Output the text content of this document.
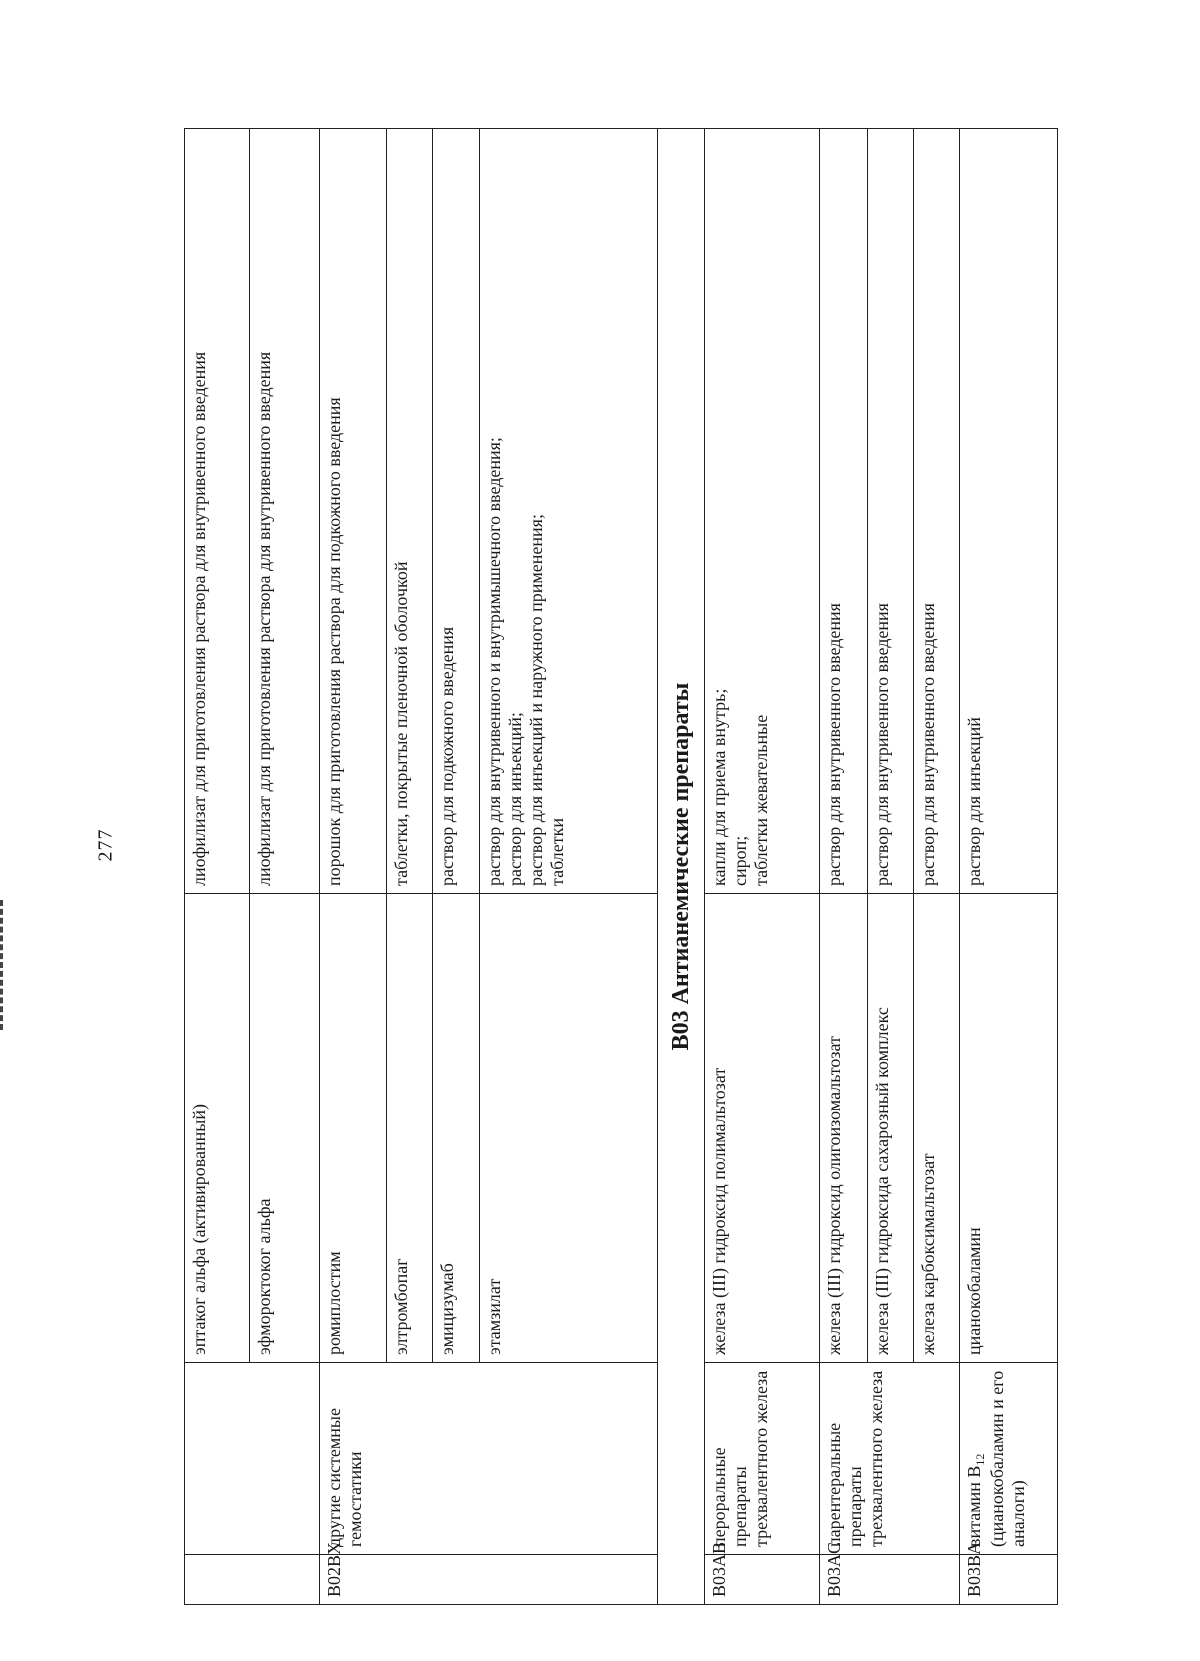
277
		эптаког альфа (активированный)	лиофилизат для приготовления раствора для внутривенного введения
		эфмороктоког альфа	лиофилизат для приготовления раствора для внутривенного введения
B02BX	другие системные гемостатики	ромиплостим	порошок для приготовления раствора для подкожного введения
		элтромбопаг	таблетки, покрытые пленочной оболочкой
		эмицизумаб	раствор для подкожного введения
		этамзилат	раствор для внутривенного и внутримышечного введения;
раствор для инъекций;
раствор для инъекций и наружного применения;
таблетки
B03 Антианемические препараты			
B03AB	пероральные препараты трехвалентного железа	железа (III) гидроксид полимальтозат	капли для приема внутрь;
сироп;
таблетки жевательные
B03AC	парентеральные препараты трехвалентного железа	железа (III) гидроксид олигоизомальтозат	раствор для внутривенного введения
		железа (III) гидроксида сахарозный комплекс	раствор для внутривенного введения
		железа карбоксимальтозат	раствор для внутривенного введения
B03BA	витамин $B_{12}$ (цианокобаламин и его аналоги)	цианокобаламин	раствор для инъекций
